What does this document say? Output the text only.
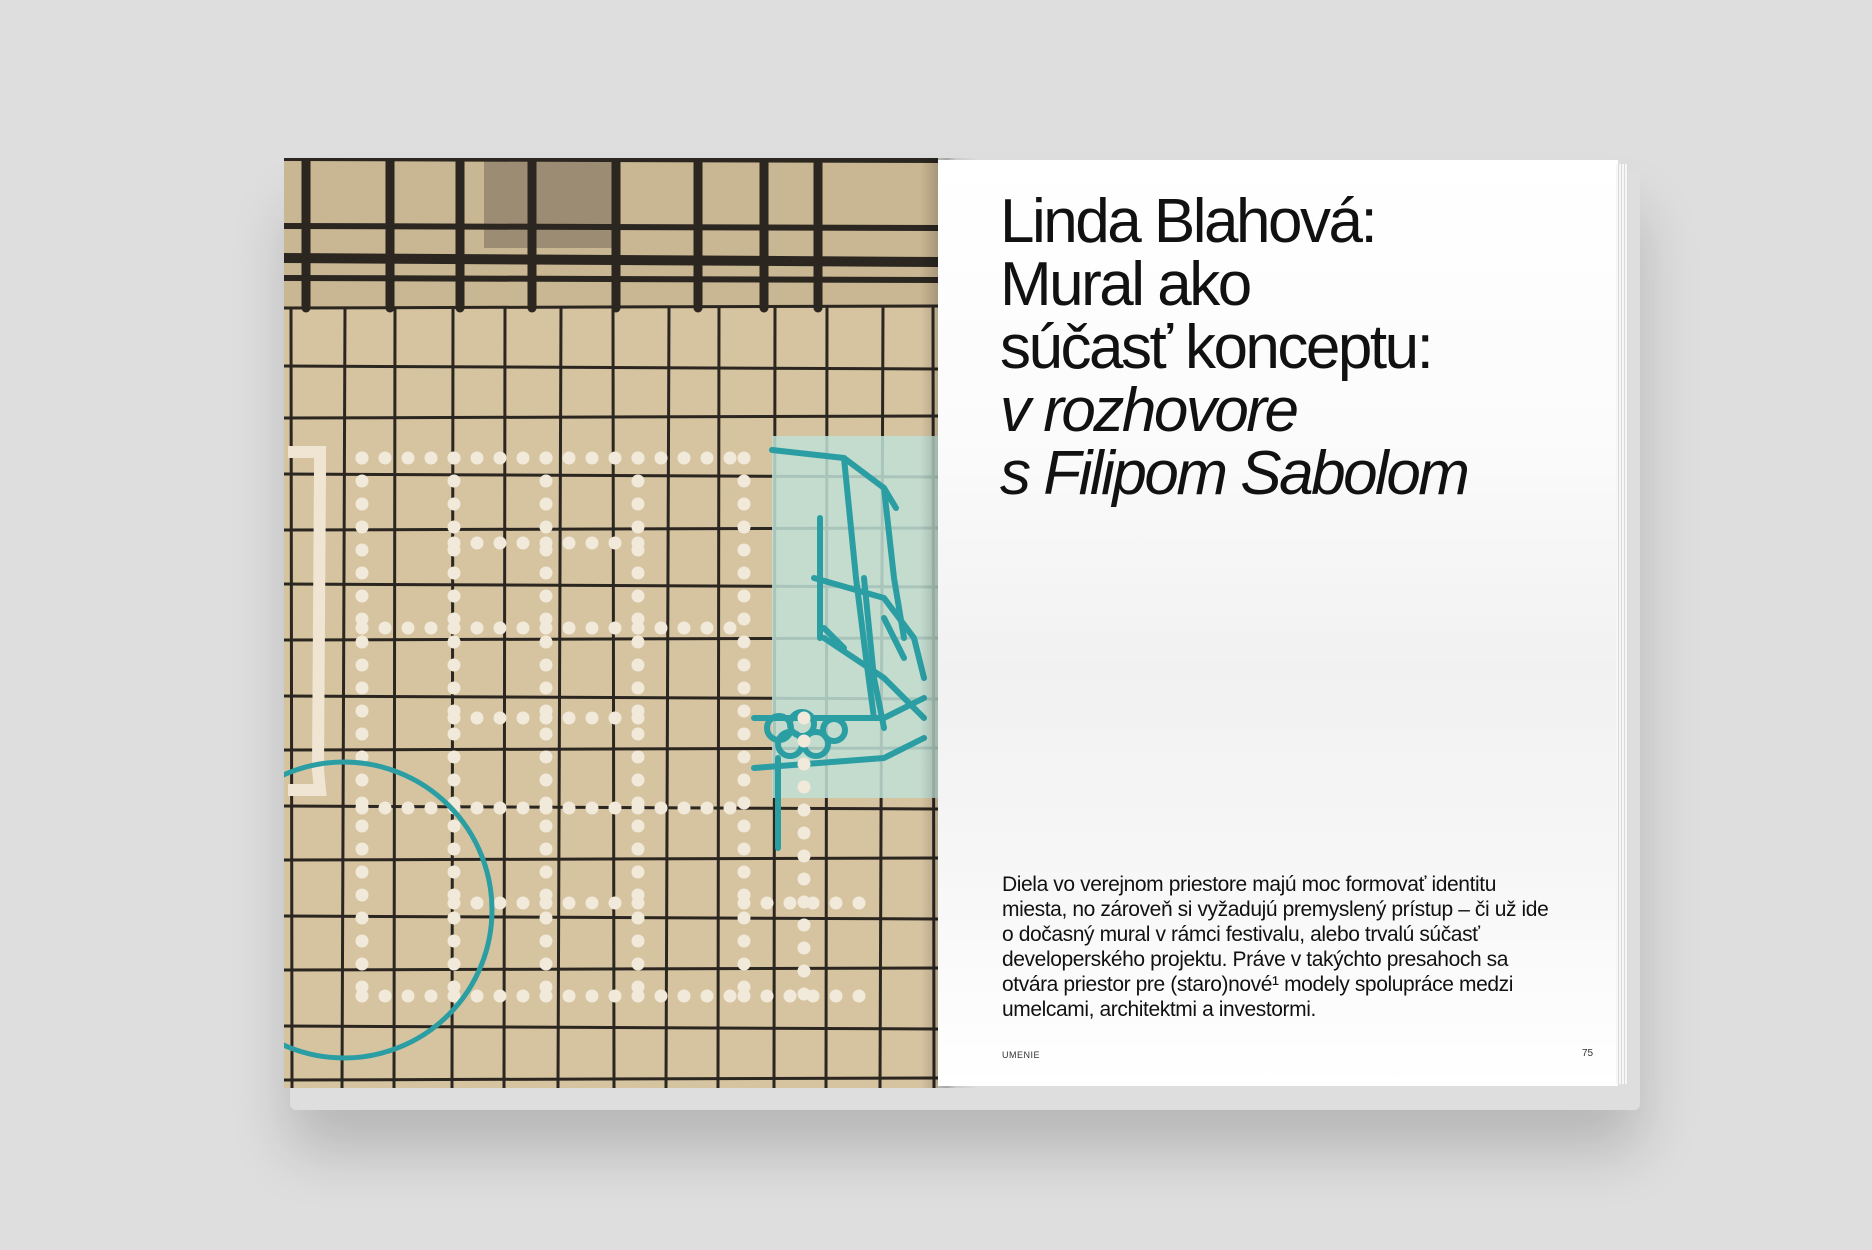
Linda Blahová:
Mural ako
súčasť konceptu:
v rozhovore
s Filipom Sabolom

Diela vo verejnom priestore majú moc formovať identitu miesta, no zároveň si vyžadujú premyslený prístup – či už ide o dočasný mural v rámci festivalu, alebo trvalú súčasť developerského projektu. Práve v takýchto presahoch sa otvára priestor pre (staro)nové¹ modely spolupráce medzi umelcami, architektmi a investormi.

UMENIE	75
